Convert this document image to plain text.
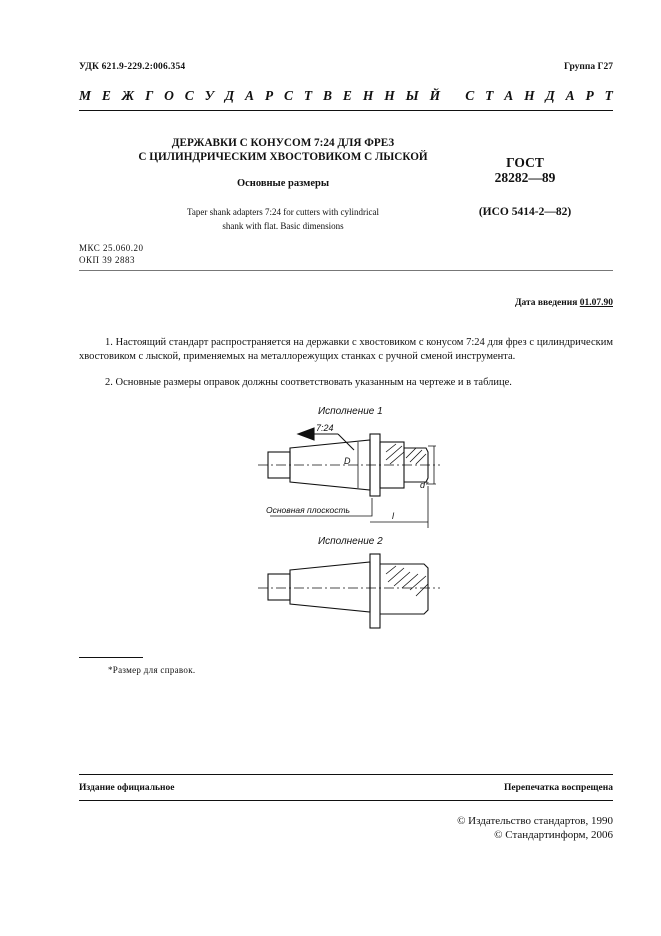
УДК 621.9-229.2:006.354	Группа Г27
М Е Ж Г О С У Д А Р С Т В Е Н Н Ы Й
С Т А Н Д А Р Т
ДЕРЖАВКИ С КОНУСОМ 7:24 ДЛЯ ФРЕЗ
С ЦИЛИНДРИЧЕСКИМ ХВОСТОВИКОМ С ЛЫСКОЙ
Основные размеры
Taper shank adapters 7:24 for cutters with cylindrical
shank with flat. Basic dimensions
ГОСТ
28282—89
(ИСО 5414-2—82)
МКС 25.060.20
ОКП 39 2883
Дата введения 01.07.90
1. Настоящий стандарт распространяется на державки с хвостовиком с конусом 7:24 для фрез с цилиндрическим хвостовиком с лыской, применяемых на металлорежущих станках с ручной сменой инструмента.
2. Основные размеры оправок должны соответствовать указанным на чертеже и в таблице.
Исполнение 1
7:24
D
d*
Основная плоскость
l
Исполнение 2
*Размер для справок.
Издание официальное	Перепечатка воспрещена
© Издательство стандартов, 1990
© Стандартинформ, 2006
